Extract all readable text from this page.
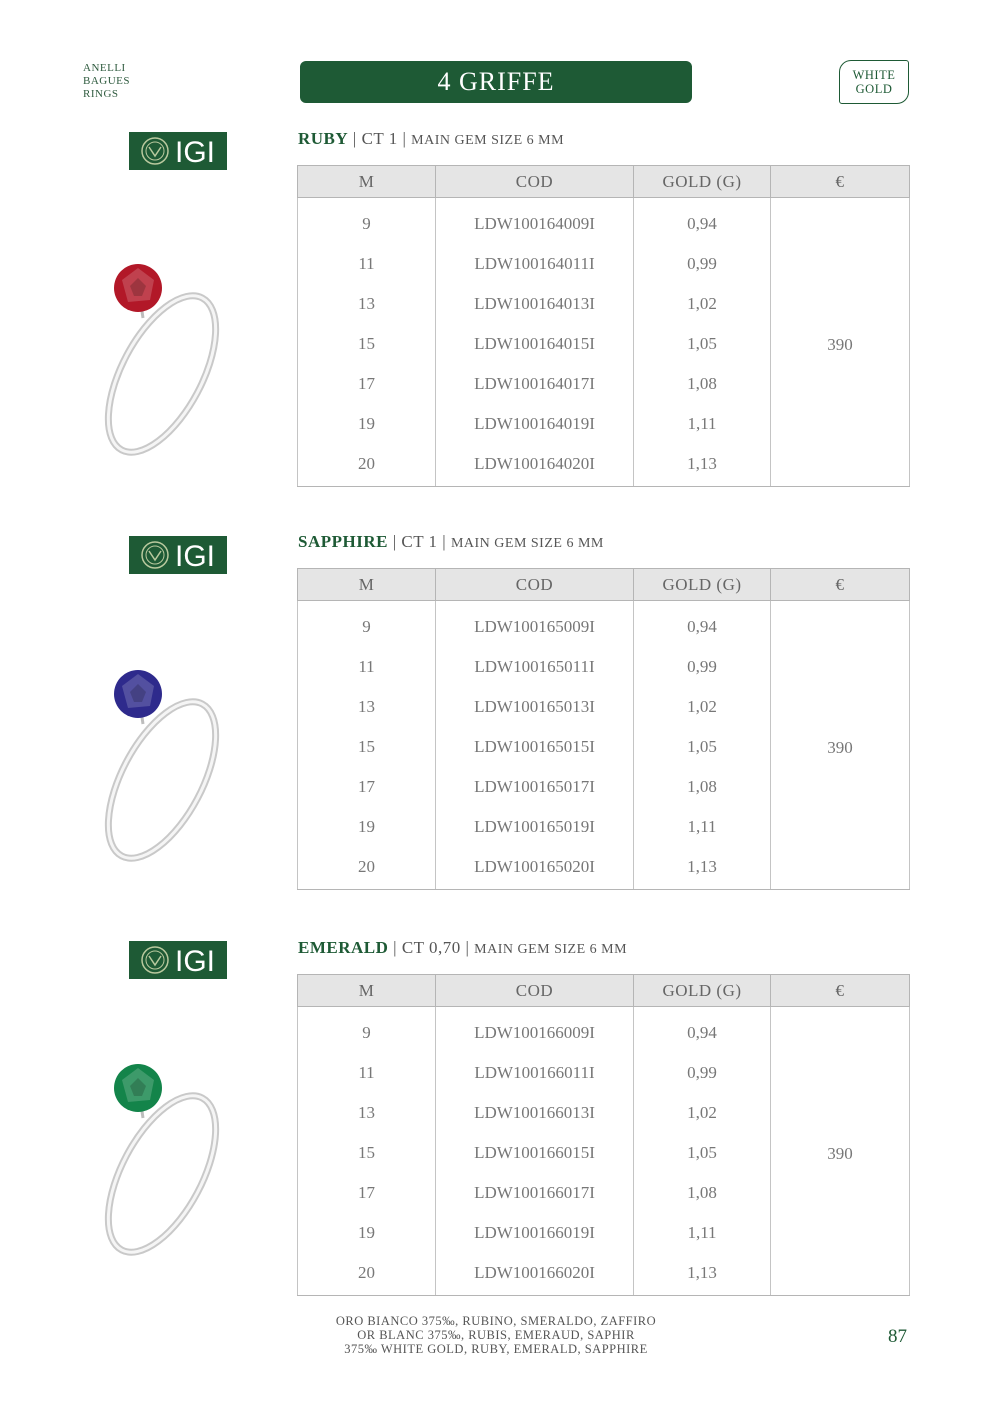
ANELLI
BAGUES
RINGS	4 GRIFFE	WHITE
GOLD
IGI
IGI
IGI
RUBY | CT 1 | MAIN GEM SIZE 6 MM
M	COD	GOLD (G)	€
9	LDW100164009I	0,94	390
11	LDW100164011I	0,99	
13	LDW100164013I	1,02	
15	LDW100164015I	1,05	
17	LDW100164017I	1,08	
19	LDW100164019I	1,11	
20	LDW100164020I	1,13	
SAPPHIRE | CT 1 | MAIN GEM SIZE 6 MM
M	COD	GOLD (G)	€
9	LDW100165009I	0,94	390
11	LDW100165011I	0,99	
13	LDW100165013I	1,02	
15	LDW100165015I	1,05	
17	LDW100165017I	1,08	
19	LDW100165019I	1,11	
20	LDW100165020I	1,13	
EMERALD | CT 0,70 | MAIN GEM SIZE 6 MM
M	COD	GOLD (G)	€
9	LDW100166009I	0,94	390
11	LDW100166011I	0,99	
13	LDW100166013I	1,02	
15	LDW100166015I	1,05	
17	LDW100166017I	1,08	
19	LDW100166019I	1,11	
20	LDW100166020I	1,13	
ORO BIANCO 375‰, RUBINO, SMERALDO, ZAFFIRO
OR BLANC 375‰, RUBIS, EMERAUD, SAPHIR
375‰ WHITE GOLD, RUBY, EMERALD, SAPPHIRE
87
